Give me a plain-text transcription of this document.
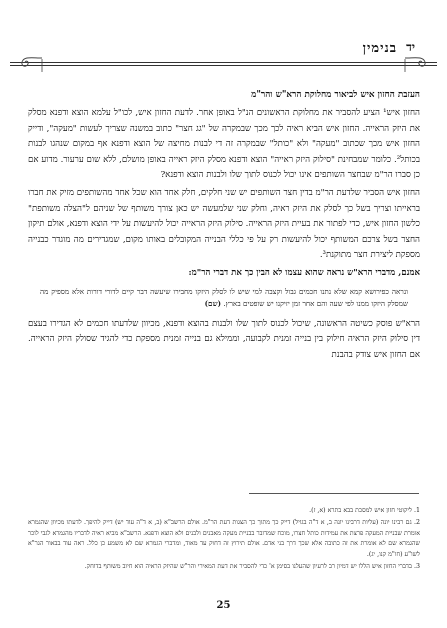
יד
בנימין

העזבת החזון איש לביאור מחלוקת הרא"ש והר"מ

החזון איש¹ הציע להסביר את מחלוקת הראשונים הנ"ל באופן אחר. לדעת החזון איש, לכו"ל עלמא הוצא ודפנא מסלק את היזק הראייה. החזון איש הביא ראיה לכך מכך שבמקרה של "גג חצר" כתוב במשנה שצריך לעשות "מעקה", ודייק החזון איש מכך שכתוב "מעקה" ולא "כותל" שבמקרה זה די לבנות מחיצה של הוצא ודפנא אף במקום שנהגו לבנות בכותל². כלומר שמבחינת "סילוק היזק ראייה" הוצא ודפנא מסלק היזק ראייה באופן מושלם, ללא שום ערעור. מדוע אם כן סברו הר"מ שבחצר השותפים אינו יכול לכנוס לתוך שלו ולבנות הוצא ודפנא?

החזון איש הסביר שלדעת הר"מ בדין חצר השותפים יש שני חלקים, חלק אחד הוא שכל אחד מהשותפים מזיק את חברו בראייתו וצריך בשל כך לסלק את היזק ראיה, וחלק שני שלמעשה יש כאן צורך משותף של שניהם ל"הצלה משותפת" כלשון החזון איש, כדי לפתור את בעיית היזק הראייה. סילוק היזק הראייה יכול להיעשות על ידי הוצא ודפנא, אולם תיקון החצר בשל צרכם המשותף יכול להיעשות רק על פי כללי הבנייה המקובלים באותו מקום, שמגדירים מה מוגדר כבנייה מספקת ליצירת חצר מתוקנת³.

אמנם, מדברי הרא"ש נראה שהוא עצמו לא הבין כך את דברי הר"מ:

ונראה כפירושא קמא שלא נתנו חכמים גבול וקצבה למי שיש לו לסלק היזקו מחבירו שיעשה דבר קיים לדורי דורות אלא מספיק מה שמסלק היזקו ממנו לפי שעה והם אחר זמן יזיקנו יש שופטים בארץ. (שם)

הרא"ש פוסק כשיטה הראשונה, שיכול לכנוס לתוך שלו ולבנות בהוצא ודפנא, מכיוון שלדעתו חכמים לא הגדירו בעצם דין סילוק היזק הראיה חילוק בין בנייה זמנית לקבועה, וממילא גם בנייה זמנית מספקת כדי להגיד שסולק היזק הראייה. אם החזון איש צודק בהבנת

1. ליקוטי חזון איש למסכת בבא בתרא (א, ז).

2. גם רבינו יונה (עליות דרבינו יונה ב, א ד"ה בגויל) דייק כך מתוך כך הצגות דעת הר"מ. אולם הרשב"א (ב, א ד"ה עוד יש) דייק להיפך. לדעתו מכיוון שהגמרא אומרת שבניית המעקה פרצת את עמידות כותל חצרו, מוכח שמדובר בבניית מעקה מאבנים ולבנים ולא הוצא ודפנא. הרשב"א מביא ראיה לדבריו מהגמרא לגבי לוכר שהגמרא שם לא אומרת את זה כתובה אלא שכך דרך בני אדם. אולם תירוץ זה דחוק עד מאוד, ומדברי הגמרא שם לא משמע כן כלל. ראה עוד בבאור הגר"א לשו"ע (חו"מ קנו, יג).

3. בדברי החזון איש הללו יש דמיון רב לרעיון שהעלנו בסימן א' כדי להסביר את דעת המאירי והר"ש שהיזק הראיה הוא חיוב משותף בדוחק.

25
